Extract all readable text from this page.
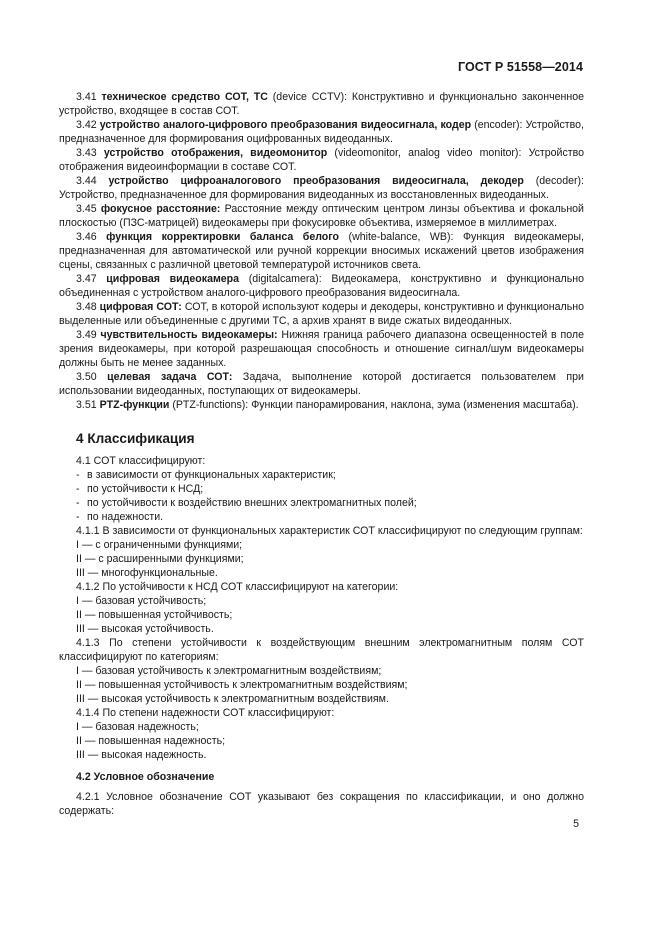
ГОСТ Р 51558—2014

3.41 техническое средство СОТ, ТС (device CCTV): Конструктивно и функционально законченное устройство, входящее в состав СОТ.

3.42 устройство аналого-цифрового преобразования видеосигнала, кодер (encoder): Устройство, предназначенное для формирования оцифрованных видеоданных.

3.43 устройство отображения, видеомонитор (videomonitor, analog video monitor): Устройство отображения видеоинформации в составе СОТ.

3.44 устройство цифроаналогового преобразования видеосигнала, декодер (decoder): Устройство, предназначенное для формирования видеоданных из восстановленных видеоданных.

3.45 фокусное расстояние: Расстояние между оптическим центром линзы объектива и фокальной плоскостью (ПЗС-матрицей) видеокамеры при фокусировке объектива, измеряемое в миллиметрах.

3.46 функция корректировки баланса белого (white-balance, WB): Функция видеокамеры, предназначенная для автоматической или ручной коррекции вносимых искажений цветов изображения сцены, связанных с различной цветовой температурой источников света.

3.47 цифровая видеокамера (digitalcamera): Видеокамера, конструктивно и функционально объединенная с устройством аналого-цифрового преобразования видеосигнала.

3.48 цифровая СОТ: СОТ, в которой используют кодеры и декодеры, конструктивно и функционально выделенные или объединенные с другими ТС, а архив хранят в виде сжатых видеоданных.

3.49 чувствительность видеокамеры: Нижняя граница рабочего диапазона освещенностей в поле зрения видеокамеры, при которой разрешающая способность и отношение сигнал/шум видеокамеры должны быть не менее заданных.

3.50 целевая задача СОТ: Задача, выполнение которой достигается пользователем при использовании видеоданных, поступающих от видеокамеры.

3.51 PTZ-функции (PTZ-functions): Функции панорамирования, наклона, зума (изменения масштаба).

4 Классификация

4.1 СОТ классифицируют:

- в зависимости от функциональных характеристик;
- по устойчивости к НСД;
- по устойчивости к воздействию внешних электромагнитных полей;
- по надежности.

4.1.1 В зависимости от функциональных характеристик СОТ классифицируют по следующим группам:

I — с ограниченными функциями;
II — с расширенными функциями;
III — многофункциональные.

4.1.2 По устойчивости к НСД СОТ классифицируют на категории:

I — базовая устойчивость;
II — повышенная устойчивость;
III — высокая устойчивость.

4.1.3 По степени устойчивости к воздействующим внешним электромагнитным полям СОТ классифицируют по категориям:

I — базовая устойчивость к электромагнитным воздействиям;
II — повышенная устойчивость к электромагнитным воздействиям;
III — высокая устойчивость к электромагнитным воздействиям.

4.1.4 По степени надежности СОТ классифицируют:

I — базовая надежность;
II — повышенная надежность;
III — высокая надежность.
4.2 Условное обозначение

4.2.1 Условное обозначение СОТ указывают без сокращения по классификации, и оно должно содержать:

5
